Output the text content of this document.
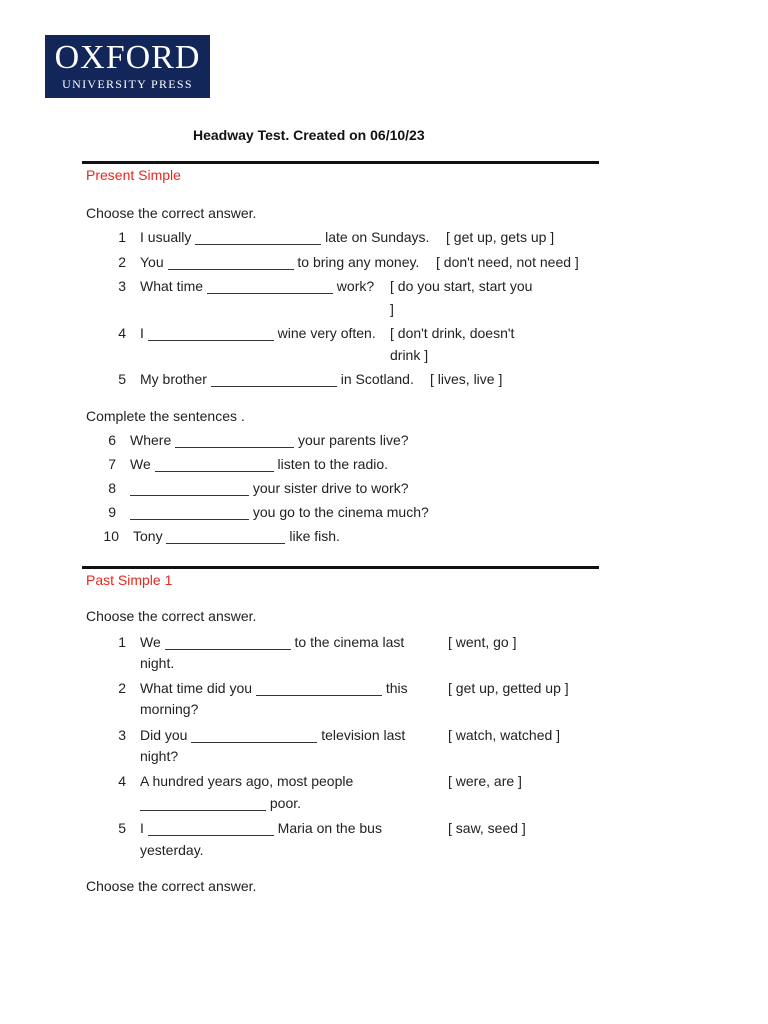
OXFORD
UNIVERSITY PRESS
Headway Test. Created on 06/10/23
Present Simple
Choose the correct answer.
1 I usually	late on Sundays. [ get up, gets up ]
2 You	to bring any money. [ don't need, not need ]
3 What time	work? [ do you start, start you
]
4 I	wine very often. [ don't drink, doesn't
drink ]
5 My brother	in Scotland. [ lives, live ]
Complete the sentences .
6 Where	your parents live?
7 We	listen to the radio.
8	your sister drive to work?
9	you go to the cinema much?
10 Tony	like fish.
Past Simple 1
Choose the correct answer.
1 We	to the cinema last
night.
[ went, go ]
2 What time did you	this
morning?
[ get up, getted up ]
3 Did you	television last
night?
[ watch, watched ]
4 A hundred years ago, most people
poor.
[ were, are ]
5 I	Maria on the bus
yesterday.
[ saw, seed ]
Choose the correct answer.
